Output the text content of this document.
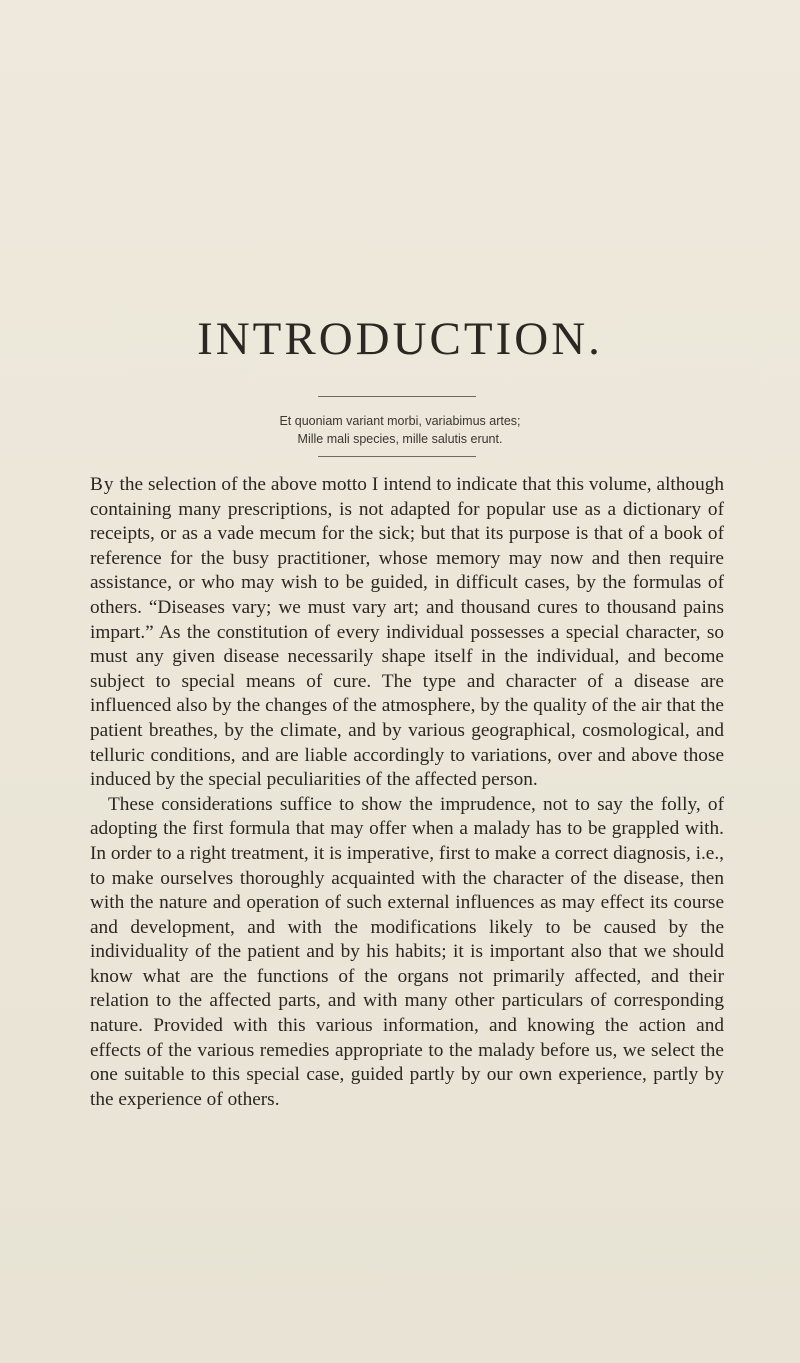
INTRODUCTION.
Et quoniam variant morbi, variabimus artes;
Mille mali species, mille salutis erunt.

By the selection of the above motto I intend to indicate that this volume, although containing many prescriptions, is not adapted for popular use as a dictionary of receipts, or as a vade mecum for the sick; but that its purpose is that of a book of reference for the busy practitioner, whose memory may now and then require assistance, or who may wish to be guided, in difficult cases, by the formulas of others. “Diseases vary; we must vary art; and thousand cures to thousand pains impart.” As the constitution of every individual possesses a special character, so must any given disease necessarily shape itself in the individual, and become subject to special means of cure. The type and character of a disease are influenced also by the changes of the atmosphere, by the quality of the air that the patient breathes, by the climate, and by various geographical, cosmological, and telluric conditions, and are liable accordingly to variations, over and above those induced by the special peculiarities of the affected person.

These considerations suffice to show the imprudence, not to say the folly, of adopting the first formula that may offer when a malady has to be grappled with. In order to a right treatment, it is imperative, first to make a correct diagnosis, i.e., to make ourselves thoroughly acquainted with the character of the disease, then with the nature and operation of such external influences as may effect its course and development, and with the modifications likely to be caused by the individuality of the patient and by his habits; it is important also that we should know what are the functions of the organs not primarily affected, and their relation to the affected parts, and with many other particulars of corresponding nature. Provided with this various information, and knowing the action and effects of the various remedies appropriate to the malady before us, we select the one suitable to this special case, guided partly by our own experience, partly by the experience of others.
